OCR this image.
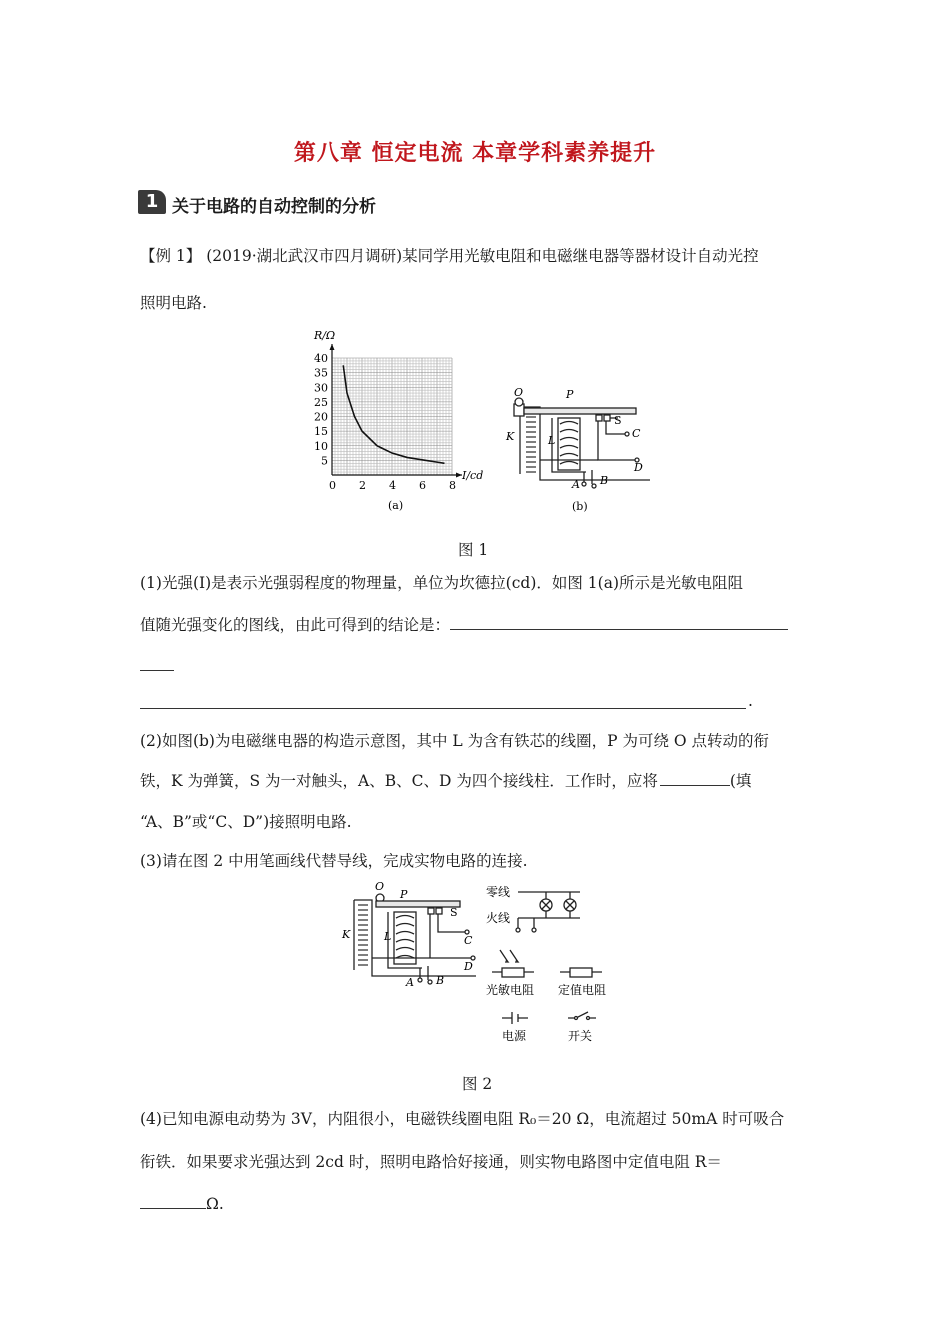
第八章 恒定电流 本章学科素养提升
1 关于电路的自动控制的分析
【例 1】 (2019·湖北武汉市四月调研)某同学用光敏电阻和电磁继电器等器材设计自动光控
照明电路.
0 2 4 6 8
5
10
15
20
25
30
35
40
R/Ω
I/cd
(a)
O	P
S
K	L
C
D
A B
(b)
图 1
(1)光强(I)是表示光强弱程度的物理量，单位为坎德拉(cd)．如图 1(a)所示是光敏电阻阻
值随光强变化的图线，由此可得到的结论是：
.
(2)如图(b)为电磁继电器的构造示意图，其中 L 为含有铁芯的线圈，P 为可绕 O 点转动的衔
铁，K 为弹簧，S 为一对触头，A、B、C、D 为四个接线柱．工作时，应将	(填
“A、B”或“C、D”)接照明电路.
(3)请在图 2 中用笔画线代替导线，完成实物电路的连接.
O
P
S
K	L	C
D
A B
零线
火线
光敏电阻 定值电阻
电源	开关
图 2
(4)已知电源电动势为 3V，内阻很小，电磁铁线圈电阻 R₀＝20 Ω，电流超过 50mA 时可吸合
衔铁．如果要求光强达到 2cd 时，照明电路恰好接通，则实物电路图中定值电阻 R＝
Ω.
